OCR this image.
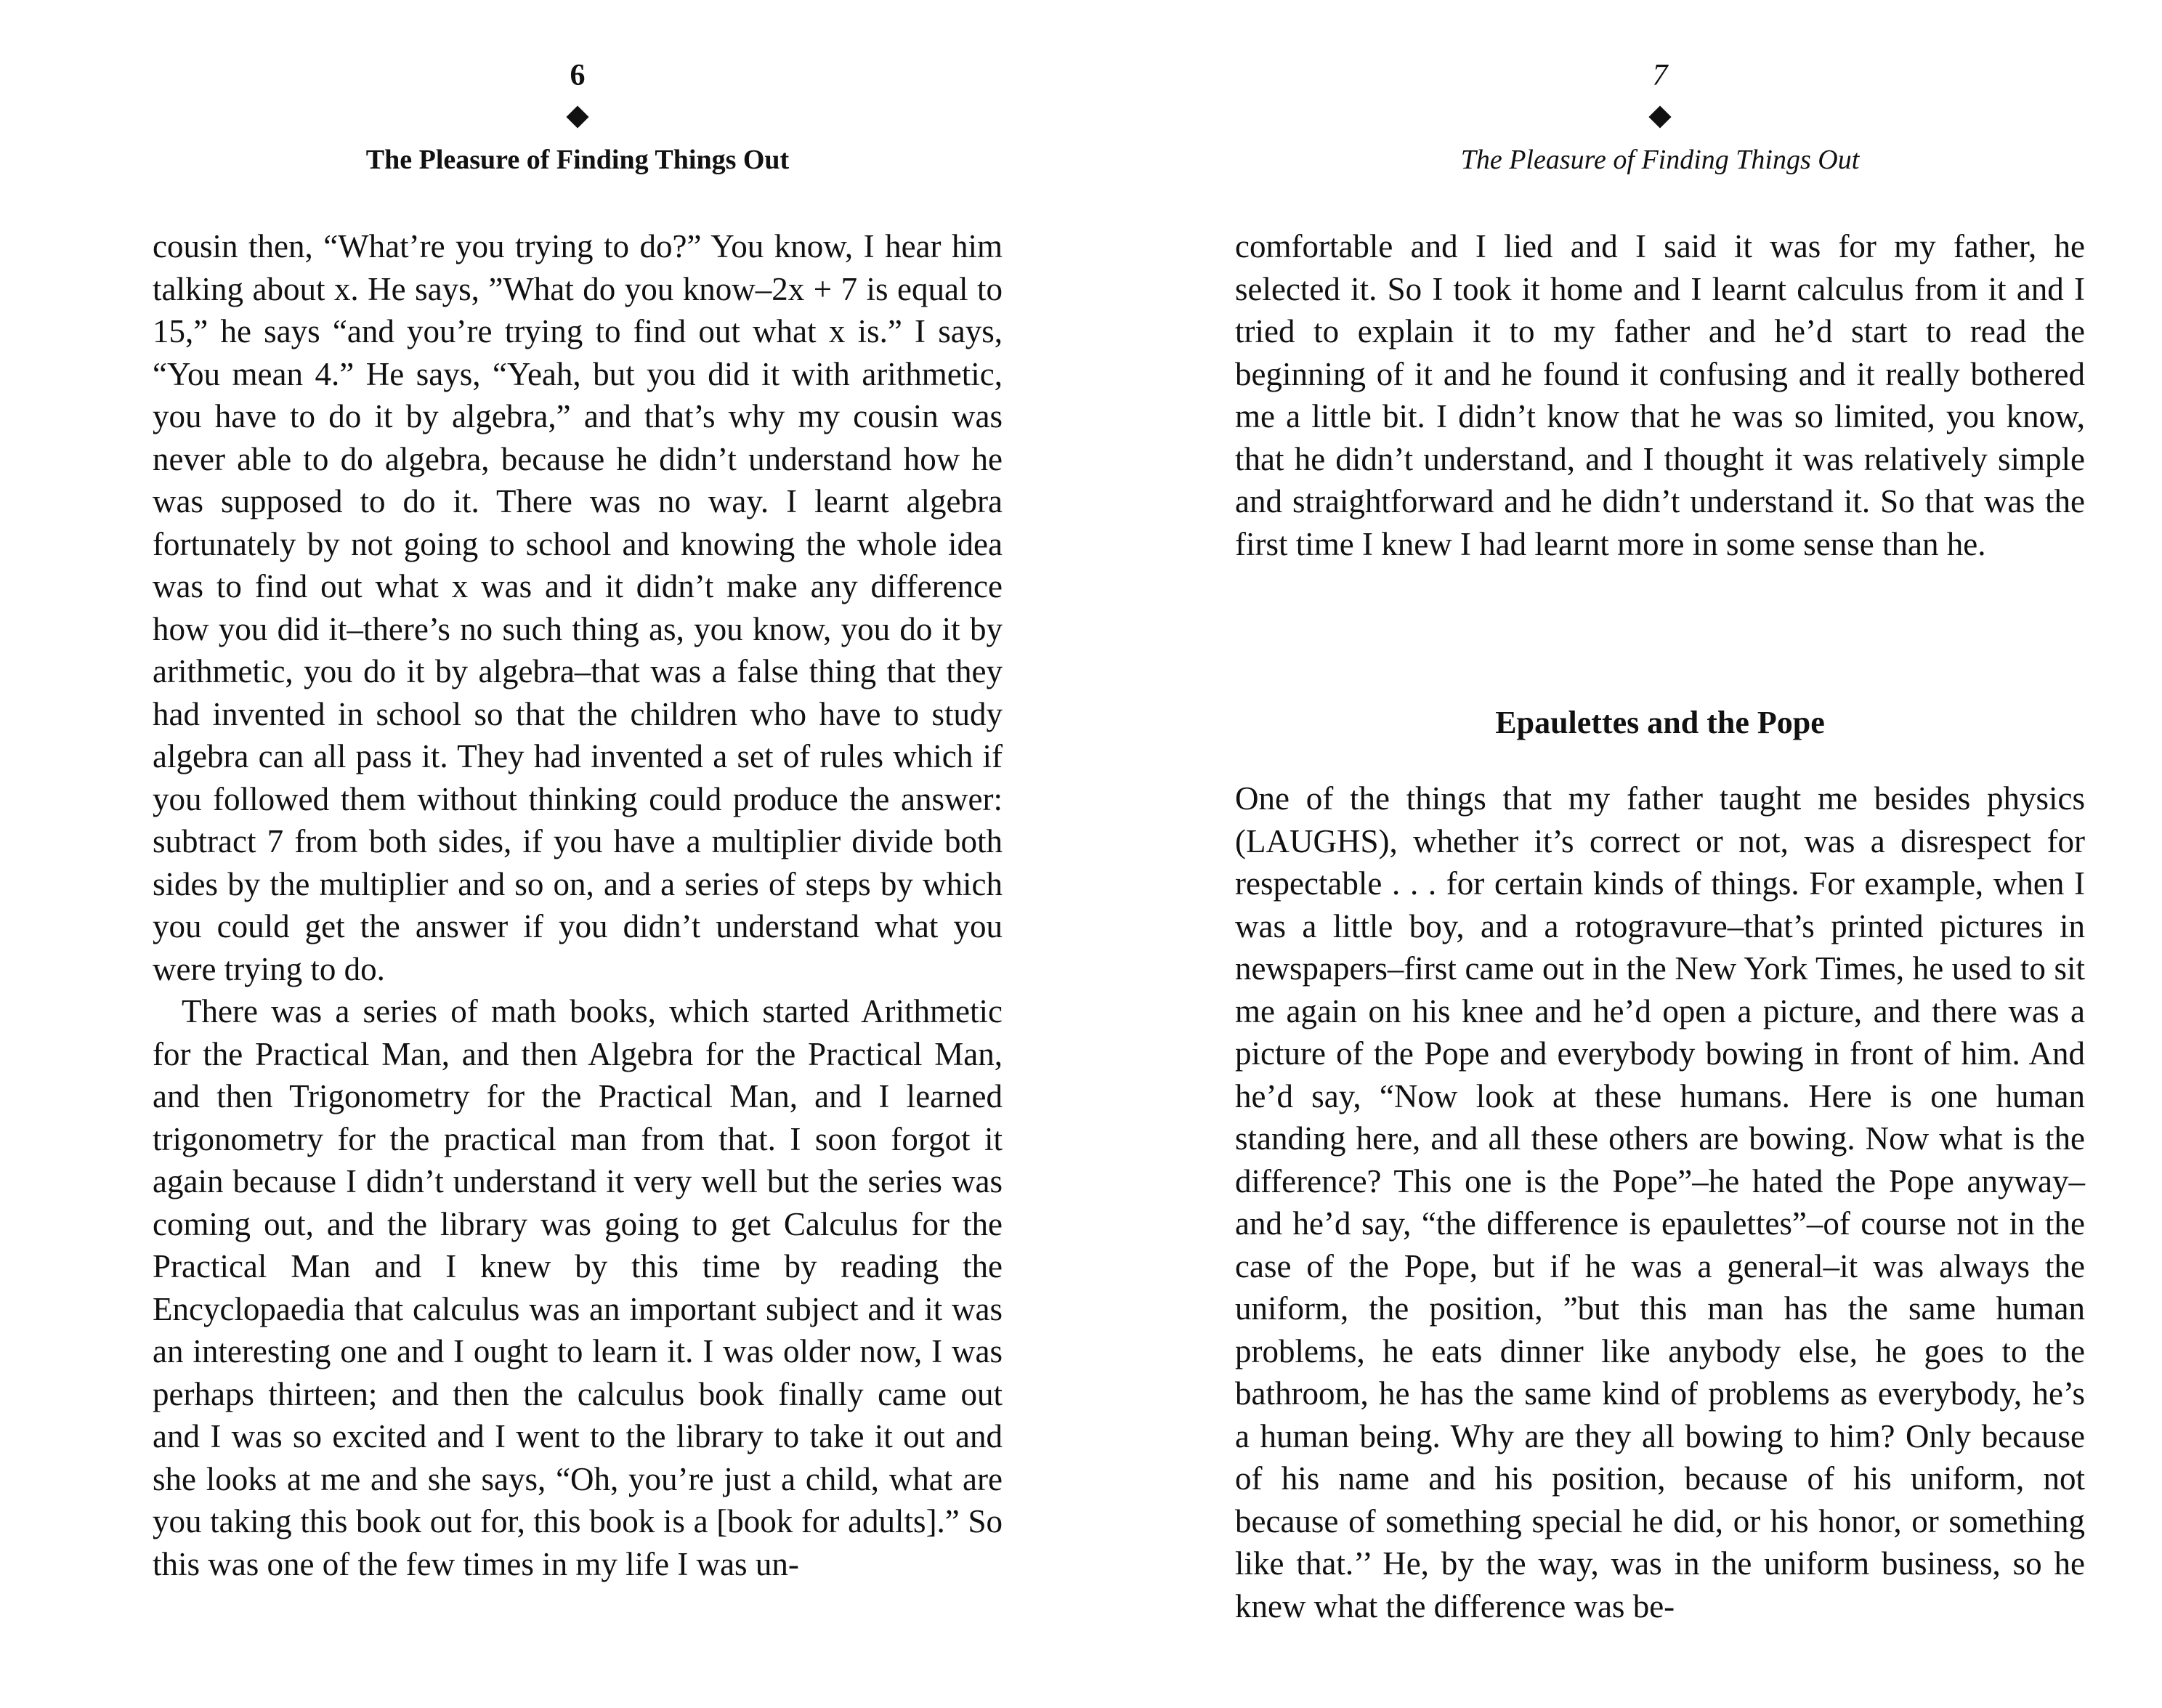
6
The Pleasure of Finding Things Out

cousin then, “What’re you trying to do?” You know, I hear him talking about x. He says, ”What do you know–2x + 7 is equal to 15,” he says “and you’re trying to find out what x is.” I says, “You mean 4.” He says, “Yeah, but you did it with arithmetic, you have to do it by algebra,” and that’s why my cousin was never able to do algebra, because he didn’t understand how he was supposed to do it. There was no way. I learnt algebra fortunately by not going to school and knowing the whole idea was to find out what x was and it didn’t make any difference how you did it–there’s no such thing as, you know, you do it by arithmetic, you do it by algebra–that was a false thing that they had invented in school so that the children who have to study algebra can all pass it. They had invented a set of rules which if you followed them without thinking could produce the answer: subtract 7 from both sides, if you have a multiplier divide both sides by the multiplier and so on, and a series of steps by which you could get the answer if you didn’t understand what you were trying to do.

There was a series of math books, which started Arithmetic for the Practical Man, and then Algebra for the Practical Man, and then Trigonometry for the Practical Man, and I learned trigonometry for the practical man from that. I soon forgot it again because I didn’t understand it very well but the series was coming out, and the library was going to get Calculus for the Practical Man and I knew by this time by reading the Encyclopaedia that calculus was an important subject and it was an interesting one and I ought to learn it. I was older now, I was perhaps thirteen; and then the calculus book finally came out and I was so excited and I went to the library to take it out and she looks at me and she says, “Oh, you’re just a child, what are you taking this book out for, this book is a [book for adults].” So this was one of the few times in my life I was un-

7
The Pleasure of Finding Things Out

comfortable and I lied and I said it was for my father, he selected it. So I took it home and I learnt calculus from it and I tried to explain it to my father and he’d start to read the beginning of it and he found it confusing and it really bothered me a little bit. I didn’t know that he was so limited, you know, that he didn’t understand, and I thought it was relatively simple and straightforward and he didn’t understand it. So that was the first time I knew I had learnt more in some sense than he.

Epaulettes and the Pope

One of the things that my father taught me besides physics (LAUGHS), whether it’s correct or not, was a disrespect for respectable . . . for certain kinds of things. For example, when I was a little boy, and a rotogravure–that’s printed pictures in newspapers–first came out in the New York Times, he used to sit me again on his knee and he’d open a picture, and there was a picture of the Pope and everybody bowing in front of him. And he’d say, “Now look at these humans. Here is one human standing here, and all these others are bowing. Now what is the difference? This one is the Pope”–he hated the Pope anyway–and he’d say, “the difference is epaulettes”–of course not in the case of the Pope, but if he was a general–it was always the uniform, the position, ”but this man has the same human problems, he eats dinner like anybody else, he goes to the bathroom, he has the same kind of problems as everybody, he’s a human being. Why are they all bowing to him? Only because of his name and his position, because of his uniform, not because of something special he did, or his honor, or something like that.’’ He, by the way, was in the uniform business, so he knew what the difference was be-
